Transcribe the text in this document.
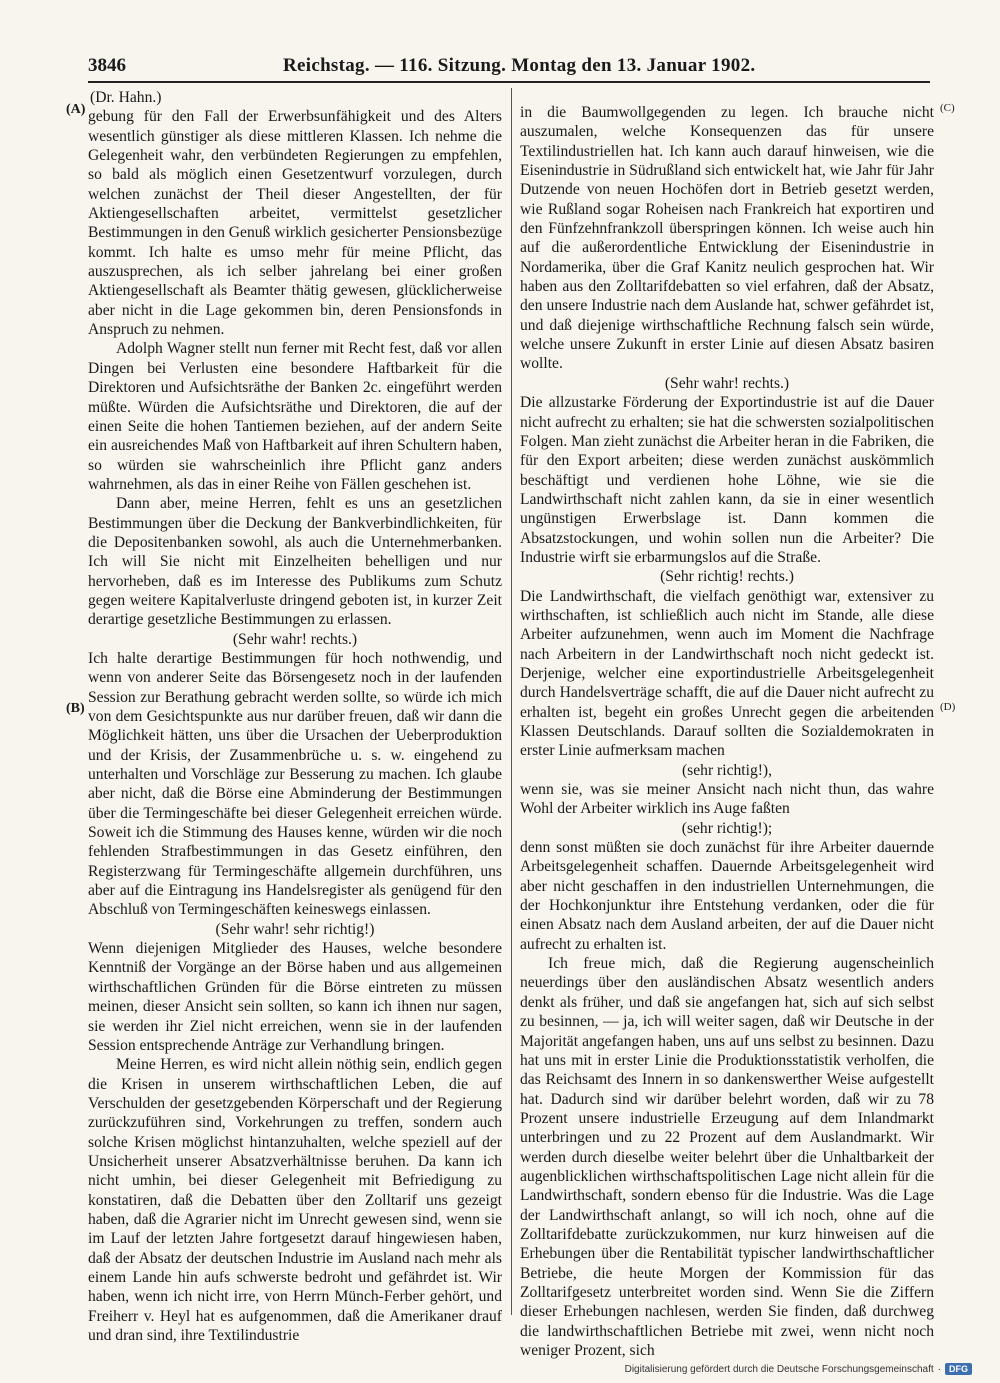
3846	Reichstag. — 116. Sitzung. Montag den 13. Januar 1902.
(A)
(B)
(C)
(D)

(Dr. Hahn.)

gebung für den Fall der Erwerbsunfähigkeit und des Alters wesentlich günstiger als diese mittleren Klassen. Ich nehme die Gelegenheit wahr, den verbündeten Regierungen zu empfehlen, so bald als möglich einen Gesetzentwurf vorzulegen, durch welchen zunächst der Theil dieser Angestellten, der für Aktiengesellschaften arbeitet, vermittelst gesetzlicher Bestimmungen in den Genuß wirklich gesicherter Pensionsbezüge kommt. Ich halte es umso mehr für meine Pflicht, das auszusprechen, als ich selber jahrelang bei einer großen Aktiengesellschaft als Beamter thätig gewesen, glücklicherweise aber nicht in die Lage gekommen bin, deren Pensionsfonds in Anspruch zu nehmen.

Adolph Wagner stellt nun ferner mit Recht fest, daß vor allen Dingen bei Verlusten eine besondere Haftbarkeit für die Direktoren und Aufsichtsräthe der Banken 2c. eingeführt werden müßte. Würden die Aufsichtsräthe und Direktoren, die auf der einen Seite die hohen Tantiemen beziehen, auf der andern Seite ein ausreichendes Maß von Haftbarkeit auf ihren Schultern haben, so würden sie wahrscheinlich ihre Pflicht ganz anders wahrnehmen, als das in einer Reihe von Fällen geschehen ist.

Dann aber, meine Herren, fehlt es uns an gesetzlichen Bestimmungen über die Deckung der Bankverbindlichkeiten, für die Depositenbanken sowohl, als auch die Unternehmerbanken. Ich will Sie nicht mit Einzelheiten behelligen und nur hervorheben, daß es im Interesse des Publikums zum Schutz gegen weitere Kapitalverluste dringend geboten ist, in kurzer Zeit derartige gesetzliche Bestimmungen zu erlassen.

(Sehr wahr! rechts.)

Ich halte derartige Bestimmungen für hoch nothwendig, und wenn von anderer Seite das Börsengesetz noch in der laufenden Session zur Berathung gebracht werden sollte, so würde ich mich von dem Gesichtspunkte aus nur darüber freuen, daß wir dann die Möglichkeit hätten, uns über die Ursachen der Ueberproduktion und der Krisis, der Zusammenbrüche u. s. w. eingehend zu unterhalten und Vorschläge zur Besserung zu machen. Ich glaube aber nicht, daß die Börse eine Abminderung der Bestimmungen über die Termingeschäfte bei dieser Gelegenheit erreichen würde. Soweit ich die Stimmung des Hauses kenne, würden wir die noch fehlenden Strafbestimmungen in das Gesetz einführen, den Registerzwang für Termingeschäfte allgemein durchführen, uns aber auf die Eintragung ins Handelsregister als genügend für den Abschluß von Termingeschäften keineswegs einlassen.

(Sehr wahr! sehr richtig!)

Wenn diejenigen Mitglieder des Hauses, welche besondere Kenntniß der Vorgänge an der Börse haben und aus allgemeinen wirthschaftlichen Gründen für die Börse eintreten zu müssen meinen, dieser Ansicht sein sollten, so kann ich ihnen nur sagen, sie werden ihr Ziel nicht erreichen, wenn sie in der laufenden Session entsprechende Anträge zur Verhandlung bringen.

Meine Herren, es wird nicht allein nöthig sein, endlich gegen die Krisen in unserem wirthschaftlichen Leben, die auf Verschulden der gesetzgebenden Körperschaft und der Regierung zurückzuführen sind, Vorkehrungen zu treffen, sondern auch solche Krisen möglichst hintanzuhalten, welche speziell auf der Unsicherheit unserer Absatzverhältnisse beruhen. Da kann ich nicht umhin, bei dieser Gelegenheit mit Befriedigung zu konstatiren, daß die Debatten über den Zolltarif uns gezeigt haben, daß die Agrarier nicht im Unrecht gewesen sind, wenn sie im Lauf der letzten Jahre fortgesetzt darauf hingewiesen haben, daß der Absatz der deutschen Industrie im Ausland nach mehr als einem Lande hin aufs schwerste bedroht und gefährdet ist. Wir haben, wenn ich nicht irre, von Herrn Münch-Ferber gehört, und Freiherr v. Heyl hat es aufgenommen, daß die Amerikaner drauf und dran sind, ihre Textilindustrie

in die Baumwollgegenden zu legen. Ich brauche nicht auszumalen, welche Konsequenzen das für unsere Textilindustriellen hat. Ich kann auch darauf hinweisen, wie die Eisenindustrie in Südrußland sich entwickelt hat, wie Jahr für Jahr Dutzende von neuen Hochöfen dort in Betrieb gesetzt werden, wie Rußland sogar Roheisen nach Frankreich hat exportiren und den Fünfzehnfrankzoll überspringen können. Ich weise auch hin auf die außerordentliche Entwicklung der Eisenindustrie in Nordamerika, über die Graf Kanitz neulich gesprochen hat. Wir haben aus den Zolltarifdebatten so viel erfahren, daß der Absatz, den unsere Industrie nach dem Auslande hat, schwer gefährdet ist, und daß diejenige wirthschaftliche Rechnung falsch sein würde, welche unsere Zukunft in erster Linie auf diesen Absatz basiren wollte.

(Sehr wahr! rechts.)

Die allzustarke Förderung der Exportindustrie ist auf die Dauer nicht aufrecht zu erhalten; sie hat die schwersten sozialpolitischen Folgen. Man zieht zunächst die Arbeiter heran in die Fabriken, die für den Export arbeiten; diese werden zunächst auskömmlich beschäftigt und verdienen hohe Löhne, wie sie die Landwirthschaft nicht zahlen kann, da sie in einer wesentlich ungünstigen Erwerbslage ist. Dann kommen die Absatzstockungen, und wohin sollen nun die Arbeiter? Die Industrie wirft sie erbarmungslos auf die Straße.

(Sehr richtig! rechts.)

Die Landwirthschaft, die vielfach genöthigt war, extensiver zu wirthschaften, ist schließlich auch nicht im Stande, alle diese Arbeiter aufzunehmen, wenn auch im Moment die Nachfrage nach Arbeitern in der Landwirthschaft noch nicht gedeckt ist. Derjenige, welcher eine exportindustrielle Arbeitsgelegenheit durch Handelsverträge schafft, die auf die Dauer nicht aufrecht zu erhalten ist, begeht ein großes Unrecht gegen die arbeitenden Klassen Deutschlands. Darauf sollten die Sozialdemokraten in erster Linie aufmerksam machen

(sehr richtig!),

wenn sie, was sie meiner Ansicht nach nicht thun, das wahre Wohl der Arbeiter wirklich ins Auge faßten

(sehr richtig!);

denn sonst müßten sie doch zunächst für ihre Arbeiter dauernde Arbeitsgelegenheit schaffen. Dauernde Arbeitsgelegenheit wird aber nicht geschaffen in den industriellen Unternehmungen, die der Hochkonjunktur ihre Entstehung verdanken, oder die für einen Absatz nach dem Ausland arbeiten, der auf die Dauer nicht aufrecht zu erhalten ist.

Ich freue mich, daß die Regierung augenscheinlich neuerdings über den ausländischen Absatz wesentlich anders denkt als früher, und daß sie angefangen hat, sich auf sich selbst zu besinnen, — ja, ich will weiter sagen, daß wir Deutsche in der Majorität angefangen haben, uns auf uns selbst zu besinnen. Dazu hat uns mit in erster Linie die Produktionsstatistik verholfen, die das Reichsamt des Innern in so dankenswerther Weise aufgestellt hat. Dadurch sind wir darüber belehrt worden, daß wir zu 78 Prozent unsere industrielle Erzeugung auf dem Inlandmarkt unterbringen und zu 22 Prozent auf dem Auslandmarkt. Wir werden durch dieselbe weiter belehrt über die Unhaltbarkeit der augenblicklichen wirthschaftspolitischen Lage nicht allein für die Landwirthschaft, sondern ebenso für die Industrie. Was die Lage der Landwirthschaft anlangt, so will ich noch, ohne auf die Zolltarifdebatte zurückzukommen, nur kurz hinweisen auf die Erhebungen über die Rentabilität typischer landwirthschaftlicher Betriebe, die heute Morgen der Kommission für das Zolltarifgesetz unterbreitet worden sind. Wenn Sie die Ziffern dieser Erhebungen nachlesen, werden Sie finden, daß durchweg die landwirthschaftlichen Betriebe mit zwei, wenn nicht noch weniger Prozent, sich

Digitalisierung gefördert durch die Deutsche Forschungsgemeinschaft · DFG
